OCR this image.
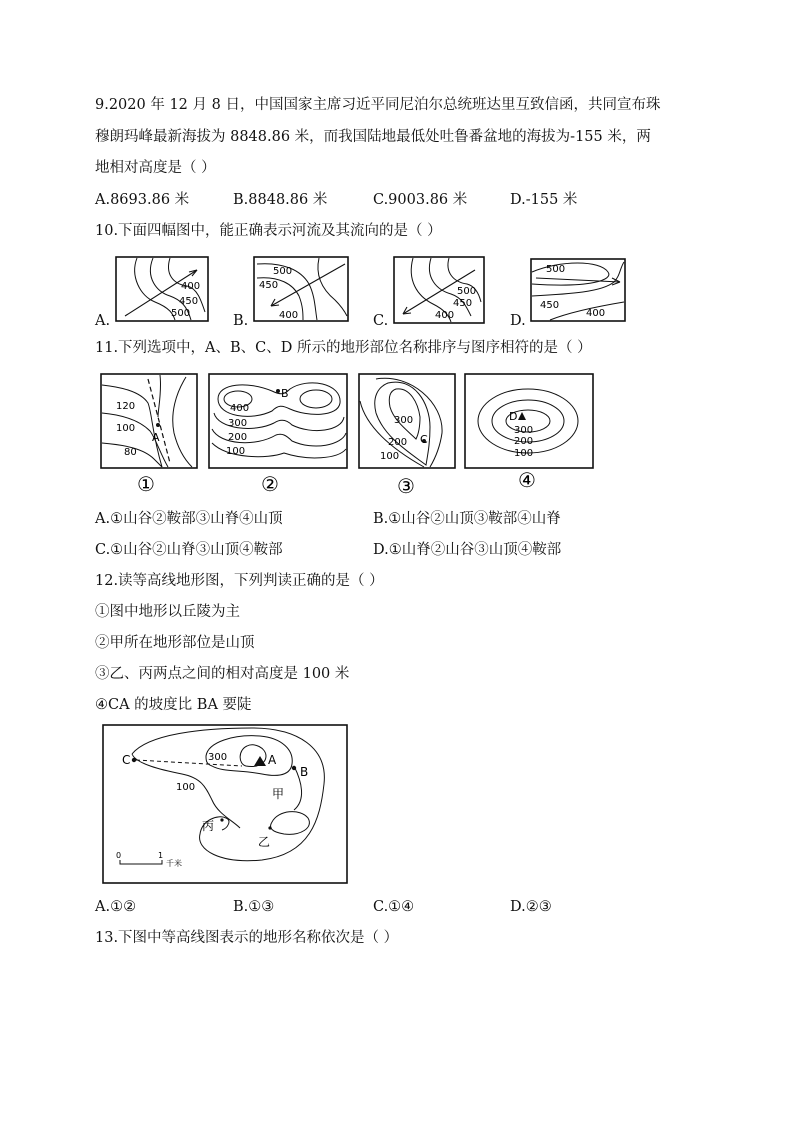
9.2020 年 12 月 8 日，中国国家主席习近平同尼泊尔总统班达里互致信函，共同宣布珠
穆朗玛峰最新海拔为 8848.86 米，而我国陆地最低处吐鲁番盆地的海拔为-155 米，两
地相对高度是（ ）
A.8693.86 米	B.8848.86 米	C.9003.86 米	D.-155 米
10.下面四幅图中，能正确表示河流及其流向的是（ ）
A.
400
450
500	B.
500
450
400	C.
500
450
400	D.
500
450
400
11.下列选项中，A、B、C、D 所示的地形部位名称排序与图序相符的是（ ）
120
100
80
A
①
B
400
300
200
100
②
C
300
200
100
③
D
300
200
100
④
A.①山谷②鞍部③山脊④山顶	B.①山谷②山顶③鞍部④山脊
C.①山谷②山脊③山顶④鞍部	D.①山脊②山谷③山顶④鞍部
12.读等高线地形图，下列判读正确的是（ ）
①图中地形以丘陵为主
②甲所在地形部位是山顶
③乙、丙两点之间的相对高度是 100 米
④CA 的坡度比 BA 要陡
C	A
B
300
100	甲
丙
乙
0	1
千米
A.①②	B.①③	C.①④	D.②③
13.下图中等高线图表示的地形名称依次是（ ）
